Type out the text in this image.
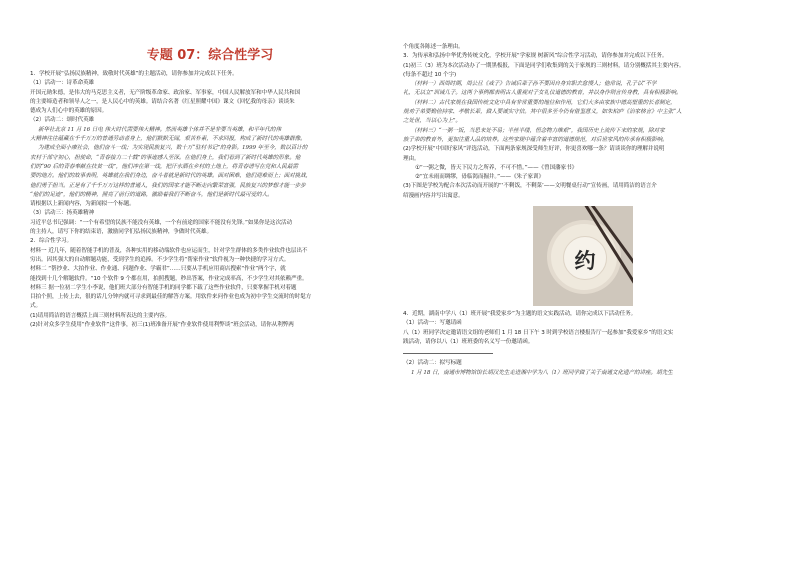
专题 07：综合性学习

1．学校开展“弘扬民族精神，致敬时代英雄”的主题活动，请你参加并完成以下任务。

（1）活动一：诗革命英雄

开国元勋朱德，是伟大的马克思主义者，无产阶级革命家、政治家、军事家，中国人民解放军和中华人民共和国

的主要缔造者和领导人之一，是人民心中的英雄。请结合名著《红星照耀中国》课文《回忆我的母亲》谈谈朱

德成为人们心中的英雄的原因。

（2）活动二：颂时代英雄

新华社北京 11 月 16 日电 伟大时代需要伟大精神。然而英雄个体并不是非要当英雄，和平年代的伟

大精神往往蕴藏在千千万万的普通劳动者身上，他们默默无闻，艰苦朴素，不求回报，构成了新时代的英雄群像。

为建成全面小康社会，他们奋斗一线；为实现民族复兴，数十万“驻村书记”的身影。1999 年至今，数以百计的

农村干部守初心，担使命，“青春接力二十载”的事迹感人至深。在他们身上，我们看到了新时代英雄的形象。他

们的“90 后的青春奉献在扶贫一线”，他们冲在第一线，把汗水洒在乡村的土地上，将青春谱写在党和人民最需

要的地方。他们的故事表明，英雄就在我们身边，奋斗者就是新时代的英雄。面对困难，他们迎难而上；面对挑战，

他们勇于担当。正是有了千千万万这样的普通人，我们的国家才能不断走向繁荣富强，民族复兴的梦想才能一步步

“他们的足迹”，他们的精神，照亮了前行的道路，激励着我们不断奋斗，他们是新时代最可爱的人。

请根据以上新闻内容，为新闻拟一个标题。

（3）活动三：扬英雄精神

习近平总书记强调：“一个有希望的民族不能没有英雄，一个有前途的国家不能没有先锋。”如果你是这次活动

的主持人，请写下你的结束语，激励同学们弘扬民族精神，争做时代英雄。

2．综合性学习。

材料一 近几年，随着智能手机的普及，各种实用的移动端软件也应运而生，针对学生群体的多类作业软件也层出不

穷出。因其强大的自动解题功能，受到学生的追捧。不少学生将“帮家作业”软件视为一种快捷的学习方式。

材料二 “帮抄业、大拍作业、作业通、问题作业、学霸君”……只要从手机应用商店搜索“作业”两个字，就

能找到十几个解题软件。“10 个软件 9 个都在用，拍照搜题，秒出答案，作业完成率高，不少学生对其依赖严重。

材料三 据一位初二学生小李说，他们班大部分有智能手机的同学都下载了这些作业软件，只要掌握手机对着题

目拍个照，上传上去，很的话几分钟内就可寻求到最佳的解答方案。用软件来问作业也成为初中学生交流时的时髦方

式。

(1)请用简洁的语言概括上面三则材料所表达的主要内容。

(2)针对众多学生使用“作业软件”这件事，初三(1)班准备开展“作业软件使用利弊谈”班会活动，请你从利弊两

个角度各陈述一条理由。

3．为传承和弘扬中华优秀传统文化，学校开展“学家规 树新风”综合性学习活动，请你参加并完成以下任务。

(1)初三（3）班为本次活动办了一期黑板报，下面是同学们收集到的关于家规的三则材料，请分别概括其主要内容。

(每条不超过 10 个字)

（材料一）西周时期，周公旦《戒子》告诫后辈子孙不要因自身官职去怠慢人；他常说，孔子以“不学

礼，无以立”训诫儿子。这两个事例都表明古人重视对子女礼仪道德的教育，并以身作则言传身教，具有积极影响。

（材料二）古代家规在我国传统文化中具有非常重要的地位和作用，它们大多由家族中德高望重的长者制定，

规劝子弟要勤俭持家、孝敬长辈，做人要诚实守信。其中很多至今仍有借鉴意义，如朱柏庐《治家格言》中主张“人

之处世，当以心为上”。

（材料三）“一粥一饭，当思来处不易；半丝半缕，恒念物力维艰”，我国历史上流传下来的家规，除对家

族子弟的教育外，更加注重人品的培养。这些家规中蕴含着丰富的道德规范，对后世家风的传承有积极影响。

(2)学校开展“中国好家风”评选活动，下面两条家规深受师生好评，你更喜欢哪一条？请谈谈你的理解并说明

理由。

①“一粥之微，皆天下民力之所养，不可不惜。”——《曾国藩家书》

②“宜未雨而绸缪，毋临渴而掘井。”——《朱子家训》

(3)下图是学校为配合本次活动而开展的“‘不剩饭，不剩菜’——文明餐桌行动”宣传画，请用简洁的语言介

绍漫画内容并写出寓意。

约

4．近期，湖南中学八（1）班开展“我爱家乡”为主题的语文实践活动，请你完成以下活动任务。

（1）活动一：写邀请函

八（1）班同学决定邀请语文组的老师们 1 月 18 日下午 3 时到学校语言楼报告厅一起参加“我爱家乡”的语文实

践活动，请你以八（1）班班委的名义写一份邀请函。

（2）活动二：拟写标题

1 月 18 日，南通市博物馆馆长胡汉先生走进湘中学为八（1）班同学做了关于南通文化遗产的讲座。胡先生
